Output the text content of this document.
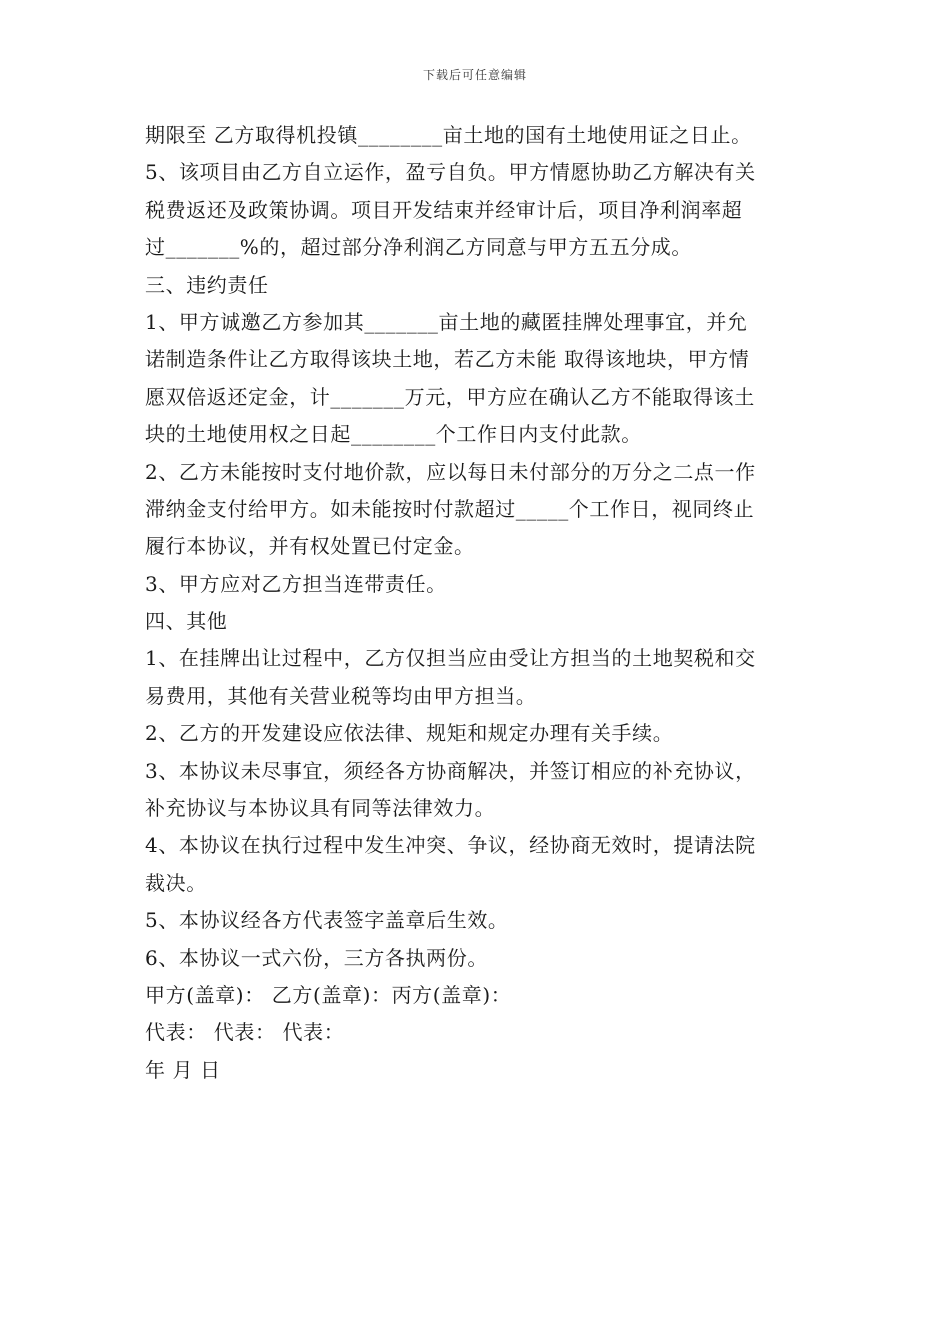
下载后可任意编辑
期限至 乙方取得机投镇________亩土地的国有土地使用证之日止。
5、该项目由乙方自立运作，盈亏自负。甲方情愿协助乙方解决有关
税费返还及政策协调。项目开发结束并经审计后，项目净利润率超
过_______%的，超过部分净利润乙方同意与甲方五五分成。
三、违约责任
1、甲方诚邀乙方参加其_______亩土地的藏匿挂牌处理事宜，并允
诺制造条件让乙方取得该块土地，若乙方未能 取得该地块，甲方情
愿双倍返还定金，计_______万元，甲方应在确认乙方不能取得该土
块的土地使用权之日起________个工作日内支付此款。
2、乙方未能按时支付地价款，应以每日未付部分的万分之二点一作
滞纳金支付给甲方。如未能按时付款超过_____个工作日，视同终止
履行本协议，并有权处置已付定金。
3、甲方应对乙方担当连带责任。
四、其他
1、在挂牌出让过程中，乙方仅担当应由受让方担当的土地契税和交
易费用，其他有关营业税等均由甲方担当。
2、乙方的开发建设应依法律、规矩和规定办理有关手续。
3、本协议未尽事宜，须经各方协商解决，并签订相应的补充协议，
补充协议与本协议具有同等法律效力。
4、本协议在执行过程中发生冲突、争议，经协商无效时，提请法院
裁决。
5、本协议经各方代表签字盖章后生效。
6、本协议一式六份，三方各执两份。
甲方(盖章)： 乙方(盖章)：丙方(盖章)：
代表： 代表： 代表：
年 月 日
